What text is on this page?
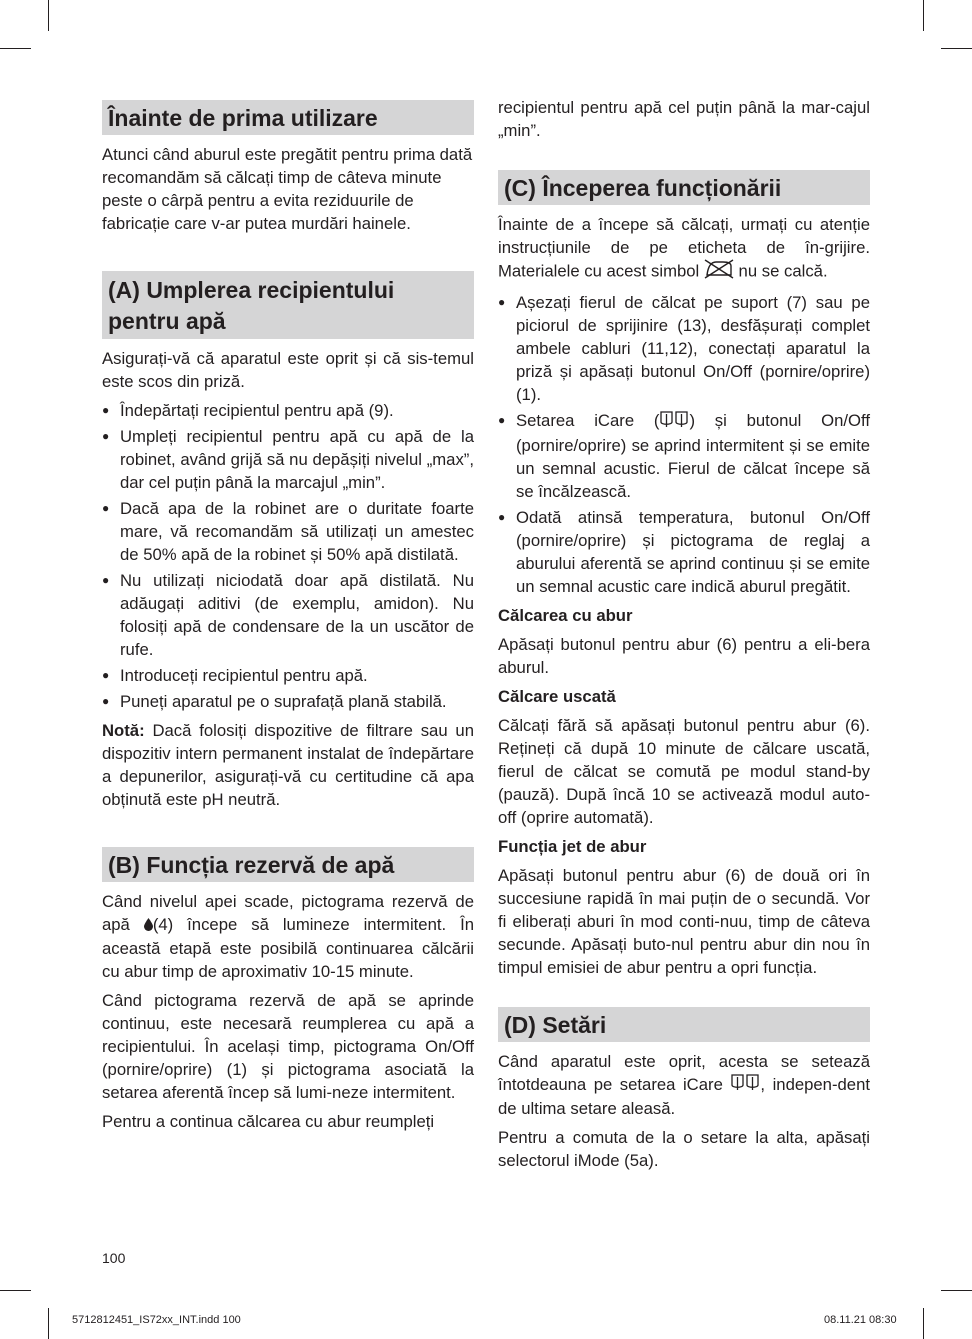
Înainte de prima utilizare

Atunci când aburul este pregătit pentru prima dată recomandăm să călcați timp de câteva minute peste o cârpă pentru a evita reziduurile de fabricație care v-ar putea murdări hainele.

(A) Umplerea recipientului
pentru apă

Asigurați-vă că aparatul este oprit și că sis-temul este scos din priză.

● Îndepărtați recipientul pentru apă (9).
● Umpleți recipientul pentru apă cu apă de la robinet, având grijă să nu depășiți nivelul „max”, dar cel puțin până la marcajul „min”.
● Dacă apa de la robinet are o duritate foarte mare, vă recomandăm să utilizați un amestec de 50% apă de la robinet și 50% apă distilată.
● Nu utilizați niciodată doar apă distilată. Nu adăugați aditivi (de exemplu, amidon). Nu folosiți apă de condensare de la un uscător de rufe.
● Introduceți recipientul pentru apă.
● Puneți aparatul pe o suprafață plană stabilă.

Notă: Dacă folosiți dispozitive de filtrare sau un dispozitiv intern permanent instalat de îndepărtare a depunerilor, asigurați-vă cu certitudine că apa obținută este pH neutră.

(B) Funcția rezervă de apă

Când nivelul apei scade, pictograma rezervă de apă (4) începe să lumineze intermitent. În această etapă este posibilă continuarea călcării cu abur timp de aproximativ 10-15 minute.

Când pictograma rezervă de apă se aprinde continuu, este necesară reumplerea cu apă a recipientului. În același timp, pictograma On/Off (pornire/oprire) (1) și pictograma asociată la setarea aferentă încep să lumi-neze intermitent.

Pentru a continua călcarea cu abur reumpleți

recipientul pentru apă cel puțin până la mar-cajul „min”.

(C) Începerea funcționării

Înainte de a începe să călcați, urmați cu atenție instrucțiunile de pe eticheta de în-grijire. Materialele cu acest simbol  nu se calcă.

● Așezați fierul de călcat pe suport (7) sau pe piciorul de sprijinire (13), desfășurați complet ambele cabluri (11,12), conectați aparatul la priză și apăsați butonul On/Off (pornire/oprire) (1).
● Setarea iCare ( ) și butonul On/Off (pornire/oprire) se aprind intermitent și se emite un semnal acustic. Fierul de călcat începe să se încălzească.
● Odată atinsă temperatura, butonul On/Off (pornire/oprire) și pictograma de reglaj a aburului aferentă se aprind continuu și se emite un semnal acustic care indică aburul pregătit.
Călcarea cu abur

Apăsați butonul pentru abur (6) pentru a eli-bera aburul.

Călcare uscată

Călcați fără să apăsați butonul pentru abur (6). Rețineți că după 10 minute de călcare uscată, fierul de călcat se comută pe modul stand-by (pauză). După încă 10 se activează modul auto-off (oprire automată).

Funcția jet de abur

Apăsați butonul pentru abur (6) de două ori în succesiune rapidă în mai puțin de o secundă. Vor fi eliberați aburi în mod conti-nuu, timp de câteva secunde. Apăsați buto-nul pentru abur din nou în timpul emisiei de abur pentru a opri funcția.

(D) Setări

Când aparatul este oprit, acesta se setează întotdeauna pe setarea iCare , indepen-dent de ultima setare aleasă.

Pentru a comuta de la o setare la alta, apăsați selectorul iMode (5a).

100
5712812451_IS72xx_INT.indd 100	08.11.21 08:30
